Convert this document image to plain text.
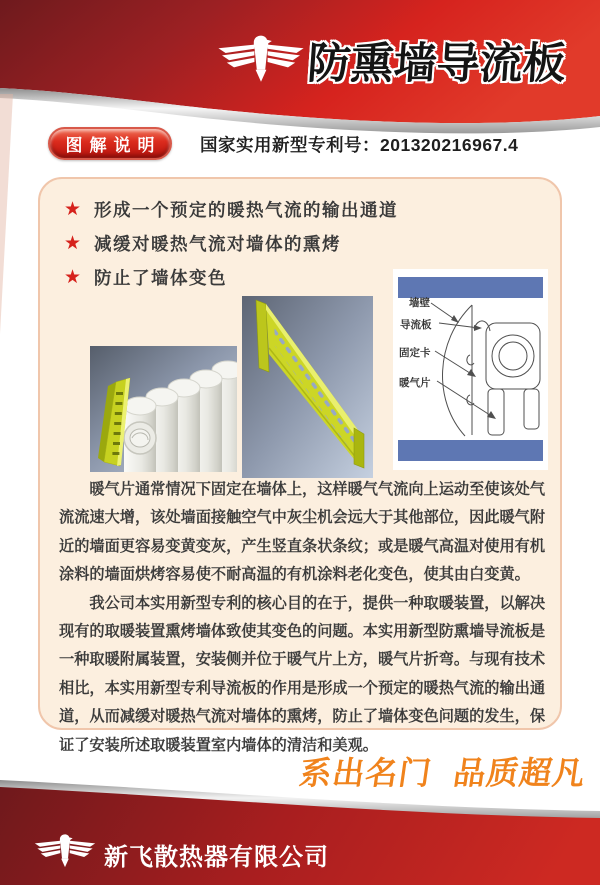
防熏墙导流板
图解说明	国家实用新型专利号：201320216967.4
★ 形成一个预定的暖热气流的输出通道
★ 减缓对暖热气流对墙体的熏烤
★ 防止了墙体变色
墙壁
导流板
固定卡
暖气片

暖气片通常情况下固定在墙体上，这样暖气气流向上运动至使该处气流流速大增，该处墙面接触空气中灰尘机会远大于其他部位，因此暖气附近的墙面更容易变黄变灰，产生竖直条状条纹；或是暖气高温对使用有机涂料的墙面烘烤容易使不耐高温的有机涂料老化变色，使其由白变黄。

我公司本实用新型专利的核心目的在于，提供一种取暖装置，以解决现有的取暖装置熏烤墙体致使其变色的问题。本实用新型防熏墙导流板是一种取暖附属装置，安装侧并位于暖气片上方，暖气片折弯。与现有技术相比，本实用新型专利导流板的作用是形成一个预定的暖热气流的输出通道，从而减缓对暖热气流对墙体的熏烤，防止了墙体变色问题的发生，保证了安装所述取暖装置室内墙体的清洁和美观。

系出名门 品质超凡
新飞散热器有限公司
